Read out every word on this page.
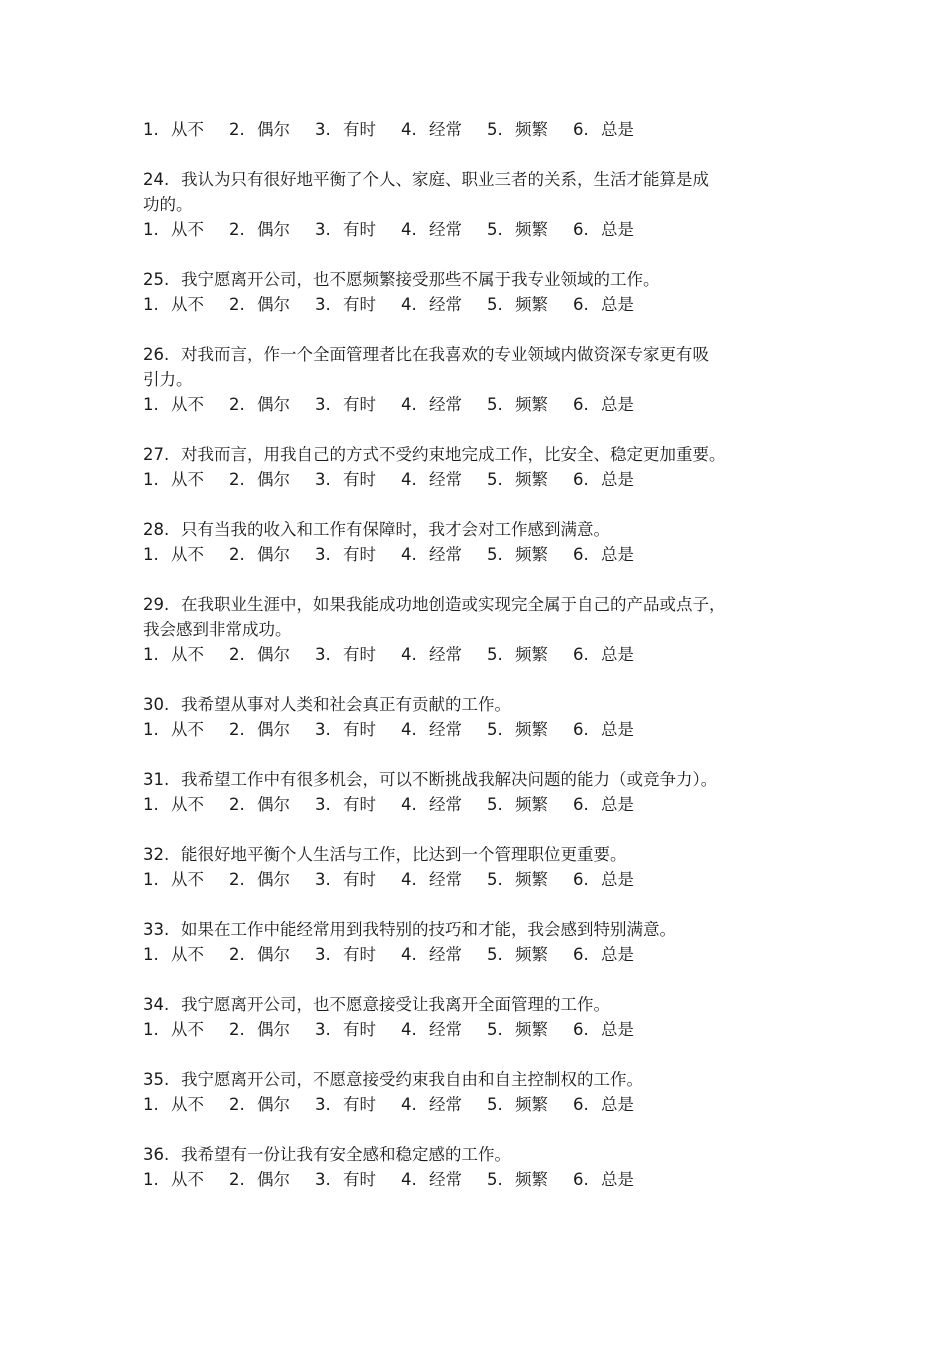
1. 从不	2. 偶尔	3. 有时	4. 经常	5. 频繁	6. 总是
24. 我认为只有很好地平衡了个人、家庭、职业三者的关系，生活才能算是成
功的。
1. 从不	2. 偶尔	3. 有时	4. 经常	5. 频繁	6. 总是
25. 我宁愿离开公司，也不愿频繁接受那些不属于我专业领域的工作。
1. 从不	2. 偶尔	3. 有时	4. 经常	5. 频繁	6. 总是
26. 对我而言，作一个全面管理者比在我喜欢的专业领域内做资深专家更有吸
引力。
1. 从不	2. 偶尔	3. 有时	4. 经常	5. 频繁	6. 总是
27. 对我而言，用我自己的方式不受约束地完成工作，比安全、稳定更加重要。
1. 从不	2. 偶尔	3. 有时	4. 经常	5. 频繁	6. 总是
28. 只有当我的收入和工作有保障时，我才会对工作感到满意。
1. 从不	2. 偶尔	3. 有时	4. 经常	5. 频繁	6. 总是
29. 在我职业生涯中，如果我能成功地创造或实现完全属于自己的产品或点子，
我会感到非常成功。
1. 从不	2. 偶尔	3. 有时	4. 经常	5. 频繁	6. 总是
30. 我希望从事对人类和社会真正有贡献的工作。
1. 从不	2. 偶尔	3. 有时	4. 经常	5. 频繁	6. 总是
31. 我希望工作中有很多机会，可以不断挑战我解决问题的能力（或竞争力）。
1. 从不	2. 偶尔	3. 有时	4. 经常	5. 频繁	6. 总是
32. 能很好地平衡个人生活与工作，比达到一个管理职位更重要。
1. 从不	2. 偶尔	3. 有时	4. 经常	5. 频繁	6. 总是
33. 如果在工作中能经常用到我特别的技巧和才能，我会感到特别满意。
1. 从不	2. 偶尔	3. 有时	4. 经常	5. 频繁	6. 总是
34. 我宁愿离开公司，也不愿意接受让我离开全面管理的工作。
1. 从不	2. 偶尔	3. 有时	4. 经常	5. 频繁	6. 总是
35. 我宁愿离开公司，不愿意接受约束我自由和自主控制权的工作。
1. 从不	2. 偶尔	3. 有时	4. 经常	5. 频繁	6. 总是
36. 我希望有一份让我有安全感和稳定感的工作。
1. 从不	2. 偶尔	3. 有时	4. 经常	5. 频繁	6. 总是
